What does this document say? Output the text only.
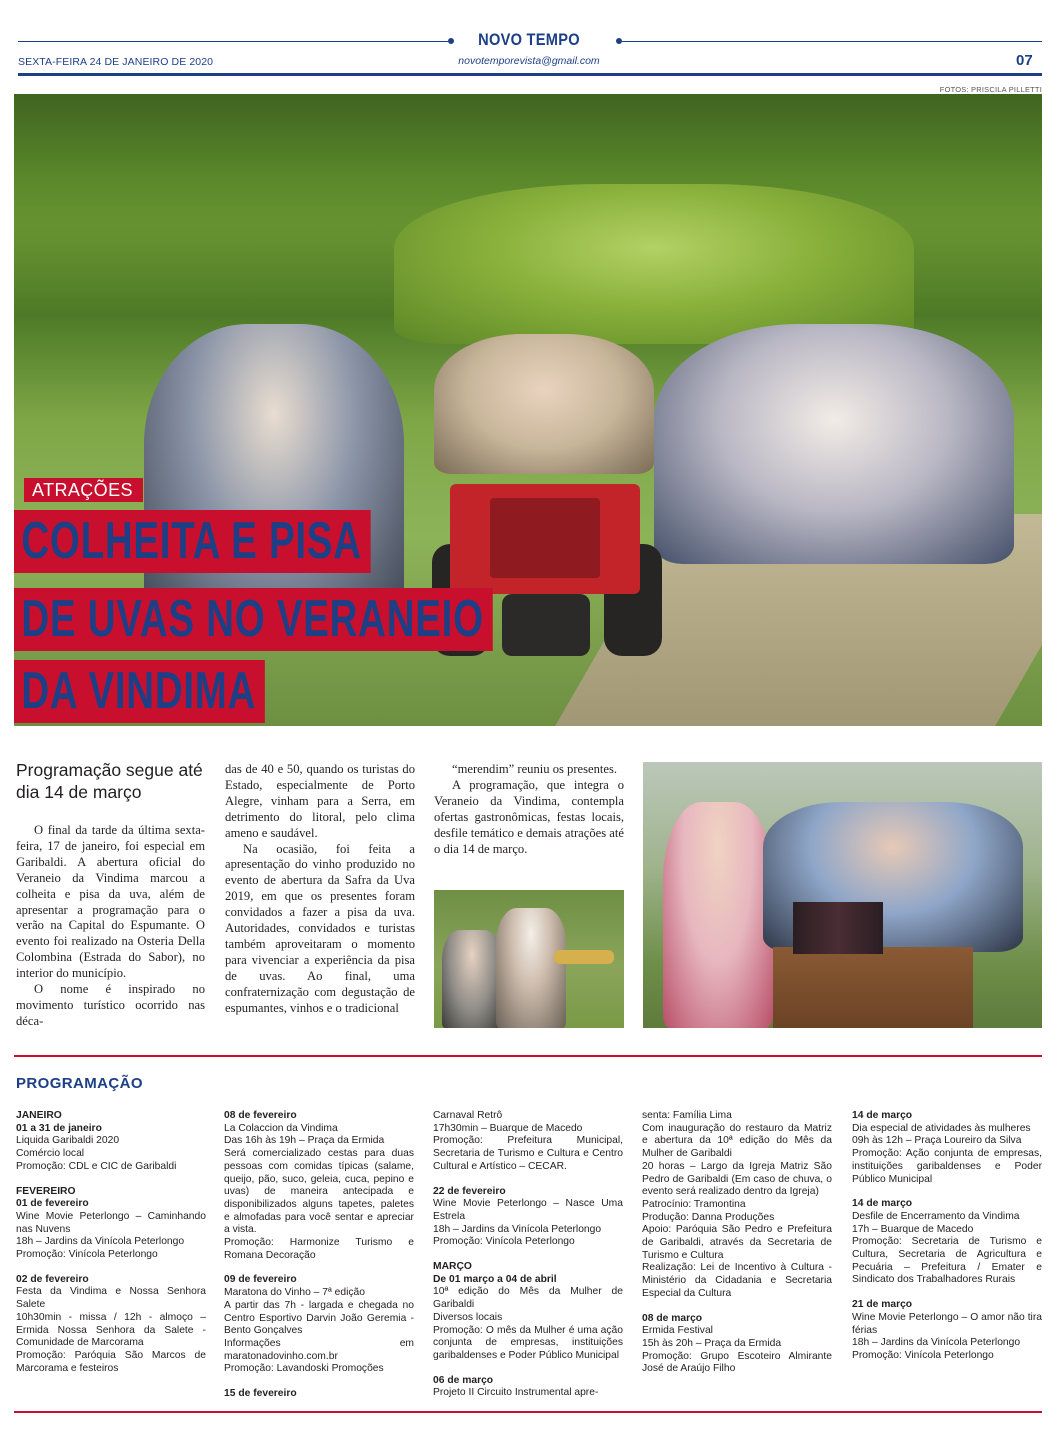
NOVO TEMPO
novotemporevista@gmail.com
SEXTA-FEIRA 24 DE JANEIRO DE 2020	07
FOTOS: PRISCILA PILLETTI
ATRAÇÕES
COLHEITA E PISA
DE UVAS NO VERANEIO
DA VINDIMA
Programação segue até dia 14 de março

O final da tarde da última sexta-feira, 17 de janeiro, foi especial em Garibaldi. A abertura oficial do Veraneio da Vindima marcou a colheita e pisa da uva, além de apresentar a programação para o verão na Capital do Espumante. O evento foi realizado na Osteria Della Colombina (Estrada do Sabor), no interior do município.

O nome é inspirado no movimento turístico ocorrido nas déca-

das de 40 e 50, quando os turistas do Estado, especialmente de Porto Alegre, vinham para a Serra, em detrimento do litoral, pelo clima ameno e saudável.

Na ocasião, foi feita a apresentação do vinho produzido no evento de abertura da Safra da Uva 2019, em que os presentes foram convidados a fazer a pisa da uva. Autoridades, convidados e turistas também aproveitaram o momento para vivenciar a experiência da pisa de uvas. Ao final, uma confraternização com degustação de espumantes, vinhos e o tradicional

“merendim” reuniu os presentes.

A programação, que integra o Veraneio da Vindima, contempla ofertas gastronômicas, festas locais, desfile temático e demais atrações até o dia 14 de março.

PROGRAMAÇÃO
JANEIRO
01 a 31 de janeiro
Liquida Garibaldi 2020
Comércio local
Promoção: CDL e CIC de Garibaldi
FEVEREIRO
01 de fevereiro
Wine Movie Peterlongo – Caminhando nas Nuvens
18h – Jardins da Vinícola Peterlongo
Promoção: Vinícola Peterlongo
02 de fevereiro
Festa da Vindima e Nossa Senhora Salete
10h30min - missa / 12h - almoço – Ermida Nossa Senhora da Salete - Comunidade de Marcorama
Promoção: Paróquia São Marcos de Marcorama e festeiros
08 de fevereiro
La Colaccion da Vindima
Das 16h às 19h – Praça da Ermida
Será comercializado cestas para duas pessoas com comidas típicas (salame, queijo, pão, suco, geleia, cuca, pepino e uvas) de maneira antecipada e disponibilizados alguns tapetes, paletes e almofadas para você sentar e apreciar a vista.
Promoção: Harmonize Turismo e Romana Decoração
09 de fevereiro
Maratona do Vinho – 7ª edição
A partir das 7h - largada e chegada no Centro Esportivo Darvin João Geremia - Bento Gonçalves
Informações em maratonadovinho.com.br
Promoção: Lavandoski Promoções
15 de fevereiro
Carnaval Retrô
17h30min – Buarque de Macedo
Promoção: Prefeitura Municipal, Secretaria de Turismo e Cultura e Centro Cultural e Artístico – CECAR.
22 de fevereiro
Wine Movie Peterlongo – Nasce Uma Estrela
18h – Jardins da Vinícola Peterlongo
Promoção: Vinícola Peterlongo
MARÇO
De 01 março a 04 de abril
10ª edição do Mês da Mulher de Garibaldi
Diversos locais
Promoção: O mês da Mulher é uma ação conjunta de empresas, instituições garibaldenses e Poder Público Municipal
06 de março
Projeto II Circuito Instrumental apre-
senta: Família Lima
Com inauguração do restauro da Matriz e abertura da 10ª edição do Mês da Mulher de Garibaldi
20 horas – Largo da Igreja Matriz São Pedro de Garibaldi (Em caso de chuva, o evento será realizado dentro da Igreja)
Patrocínio: Tramontina
Produção: Danna Produções
Apoio: Paróquia São Pedro e Prefeitura de Garibaldi, através da Secretaria de Turismo e Cultura
Realização: Lei de Incentivo à Cultura - Ministério da Cidadania e Secretaria Especial da Cultura
08 de março
Ermida Festival
15h às 20h – Praça da Ermida
Promoção: Grupo Escoteiro Almirante José de Araújo Filho
14 de março
Dia especial de atividades às mulheres
09h às 12h – Praça Loureiro da Silva
Promoção: Ação conjunta de empresas, instituições garibaldenses e Poder Público Municipal
14 de março
Desfile de Encerramento da Vindima
17h – Buarque de Macedo
Promoção: Secretaria de Turismo e Cultura, Secretaria de Agricultura e Pecuária – Prefeitura / Emater e Sindicato dos Trabalhadores Rurais
21 de março
Wine Movie Peterlongo – O amor não tira férias
18h – Jardins da Vinícola Peterlongo
Promoção: Vinícola Peterlongo
